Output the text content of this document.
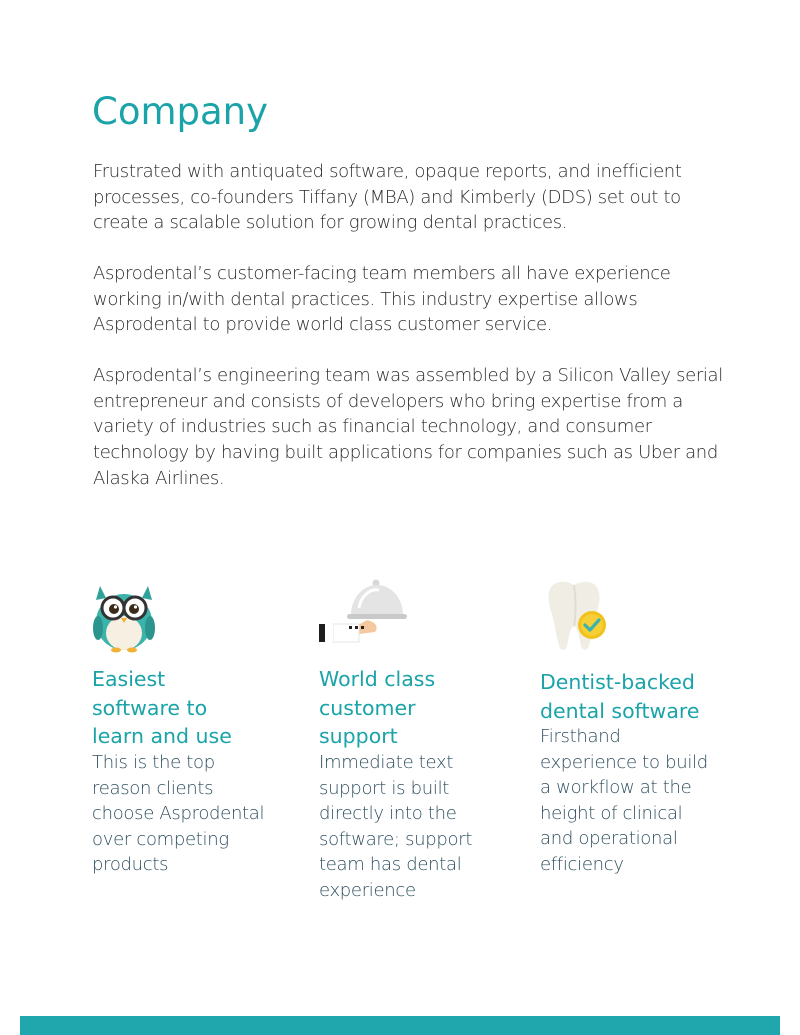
Company

Frustrated with antiquated software, opaque reports, and inefficient processes, co-founders Tiffany (MBA) and Kimberly (DDS) set out to create a scalable solution for growing dental practices.

Asprodental’s customer-facing team members all have experience working in/with dental practices. This industry expertise allows Asprodental to provide world class customer service.

Asprodental’s engineering team was assembled by a Silicon Valley serial entrepreneur and consists of developers who bring expertise from a variety of industries such as financial technology, and consumer technology by having built applications for companies such as Uber and Alaska Airlines.

Easiest
software to
learn and use

This is the top
reason clients
choose Asprodental
over competing
products

World class
customer
support

Immediate text
support is built
directly into the
software; support
team has dental
experience

Dentist-backed
dental software

Firsthand
experience to build
a workflow at the
height of clinical
and operational
efficiency
